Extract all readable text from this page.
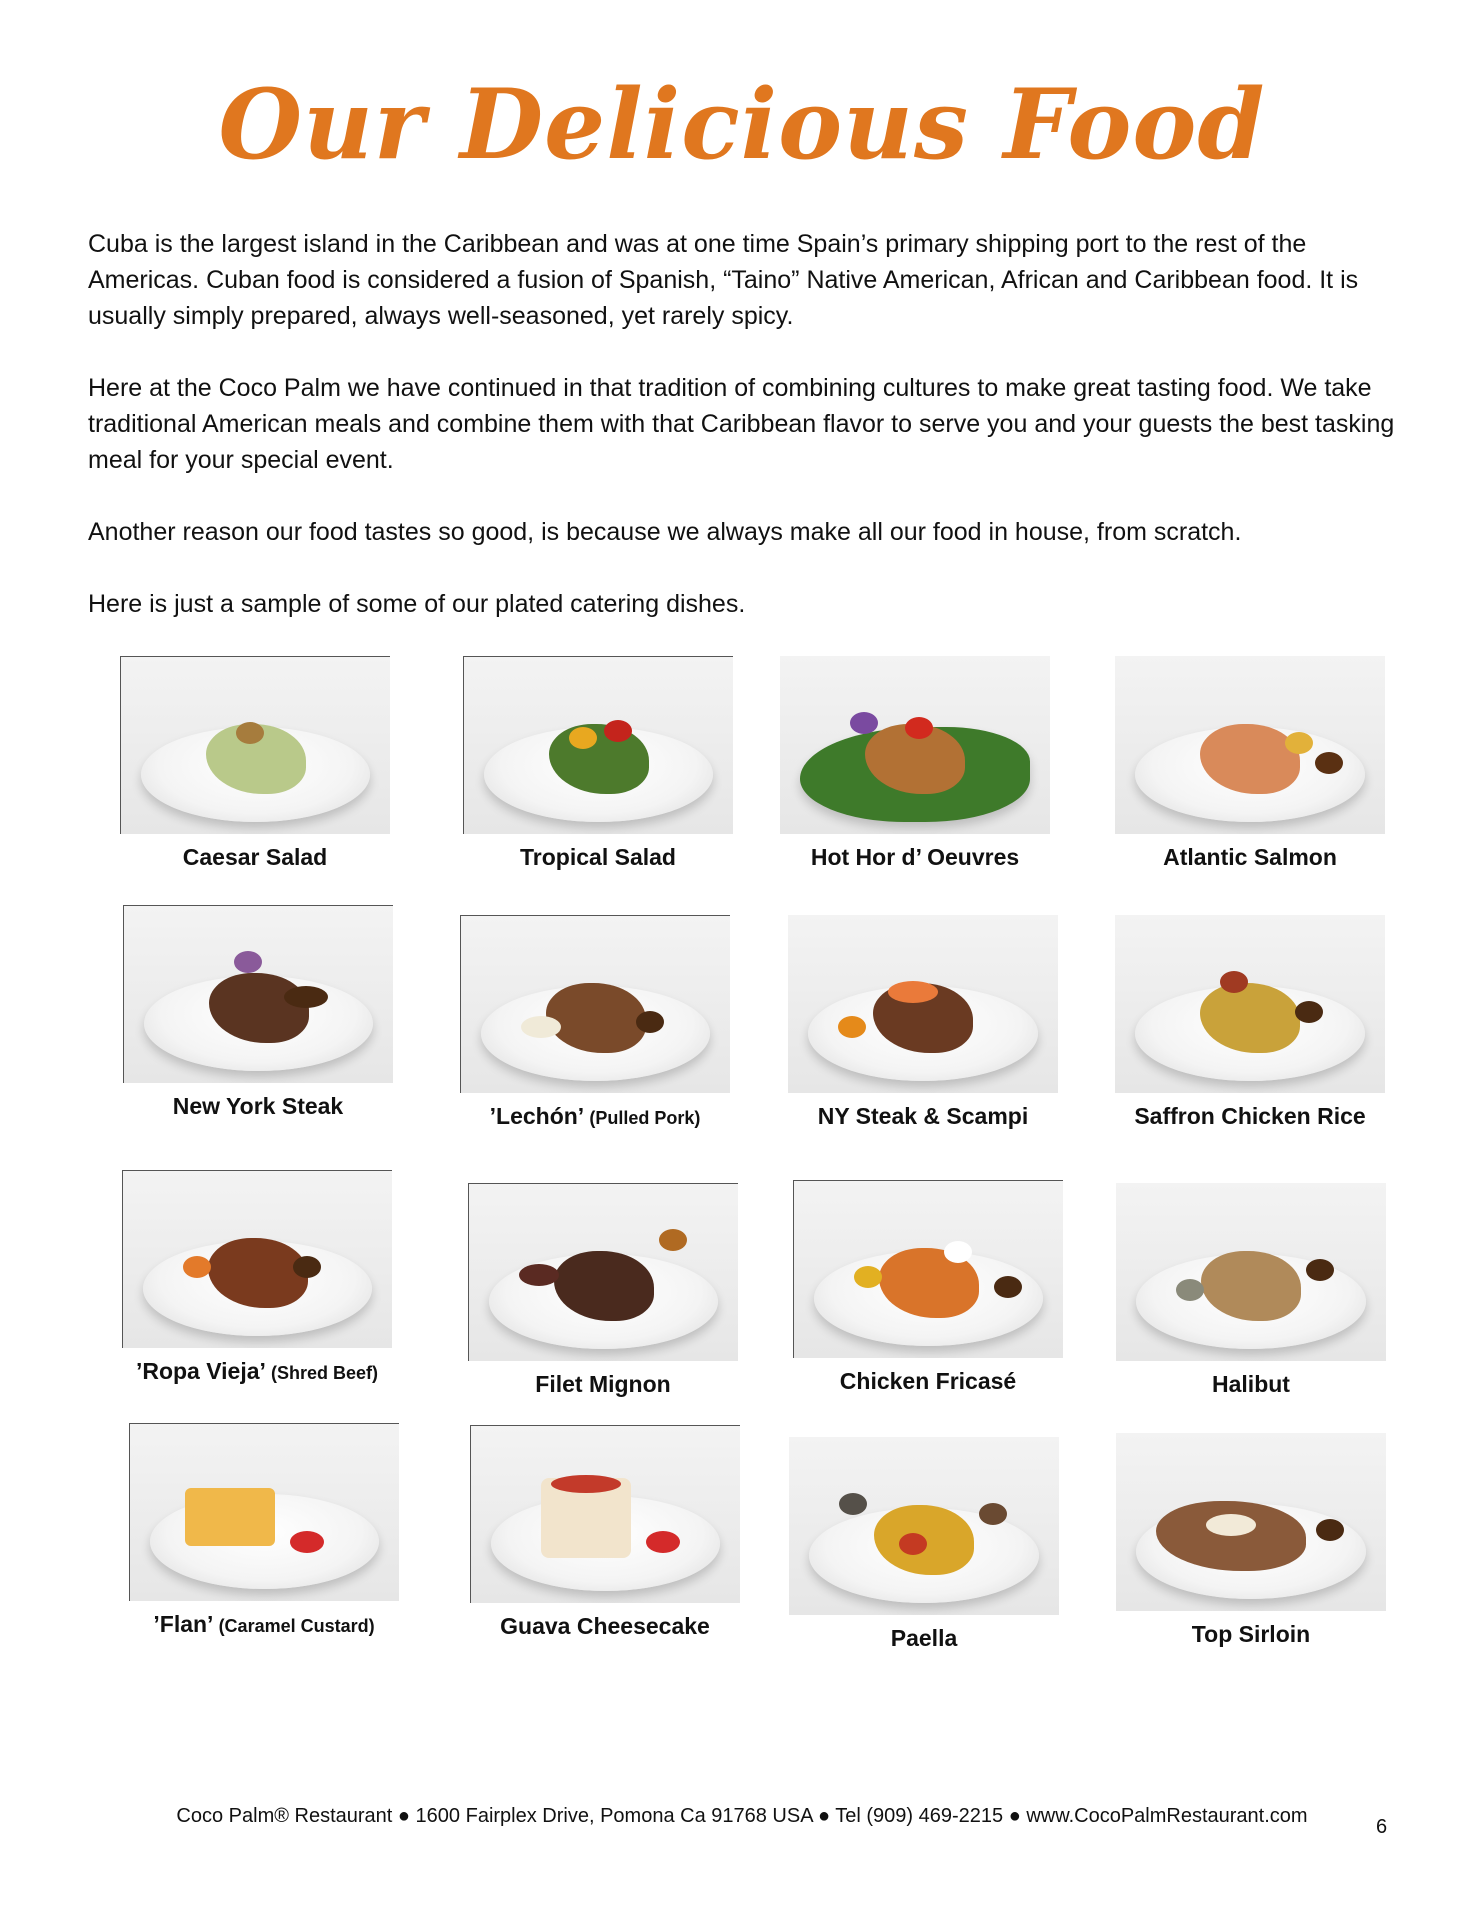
Our Delicious Food

Cuba is the largest island in the Caribbean and was at one time Spain’s primary shipping port to the rest of the Americas. Cuban food is considered a fusion of Spanish, “Taino” Native American, African and Caribbean food. It is usually simply prepared, always well-seasoned, yet rarely spicy.

Here at the Coco Palm we have continued in that tradition of combining cultures to make great tasting food. We take traditional American meals and combine them with that Caribbean flavor to serve you and your guests the best tasking meal for your special event.

Another reason our food tastes so good, is because we always make all our food in house, from scratch.

Here is just a sample of some of our plated catering dishes.

Caesar Salad	Tropical Salad	Hot Hor d’ Oeuvres	Atlantic Salmon
New York Steak	’Lechón’ (Pulled Pork)	NY Steak & Scampi	Saffron Chicken Rice
’Ropa Vieja’ (Shred Beef)	Filet Mignon	Chicken Fricasé	Halibut
’Flan’ (Caramel Custard)	Guava Cheesecake	Paella	Top Sirloin
Coco Palm® Restaurant ● 1600 Fairplex Drive, Pomona Ca 91768 USA ● Tel (909) 469-2215 ● www.CocoPalmRestaurant.com	6
